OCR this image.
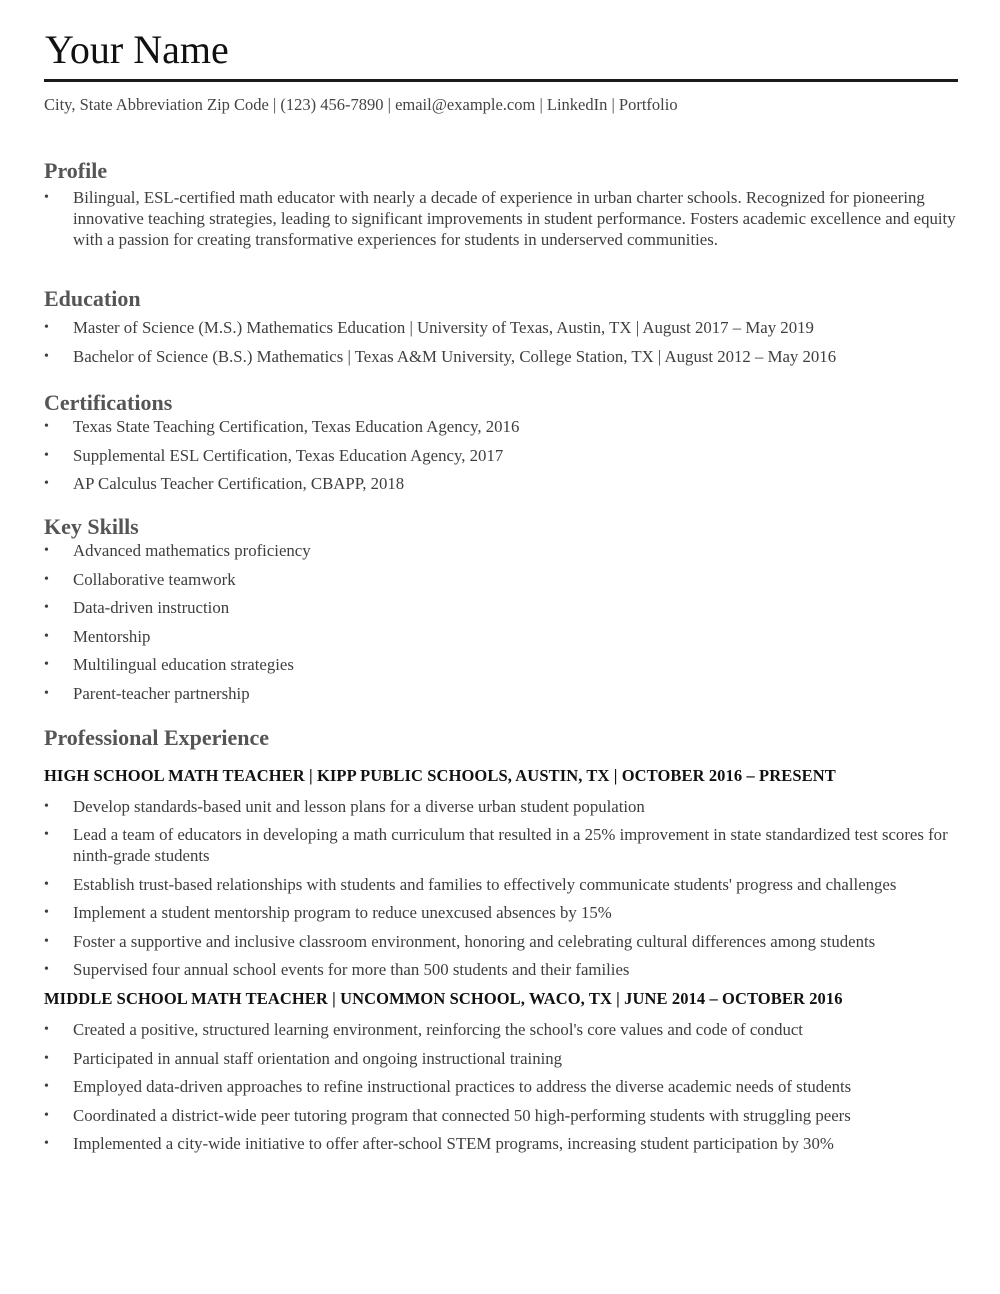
Your Name
City, State Abbreviation Zip Code | (123) 456-7890 | email@example.com | LinkedIn | Portfolio
Profile
•	Bilingual, ESL-certified math educator with nearly a decade of experience in urban charter schools. Recognized for pioneering innovative teaching strategies, leading to significant improvements in student performance. Fosters academic excellence and equity with a passion for creating transformative experiences for students in underserved communities.
Education
•	Master of Science (M.S.) Mathematics Education | University of Texas, Austin, TX | August 2017 – May 2019
•	Bachelor of Science (B.S.) Mathematics | Texas A&M University, College Station, TX | August 2012 – May 2016
Certifications
•	Texas State Teaching Certification, Texas Education Agency, 2016
•	Supplemental ESL Certification, Texas Education Agency, 2017
•	AP Calculus Teacher Certification, CBAPP, 2018
Key Skills
•	Advanced mathematics proficiency
•	Collaborative teamwork
•	Data-driven instruction
•	Mentorship
•	Multilingual education strategies
•	Parent-teacher partnership
Professional Experience
HIGH SCHOOL MATH TEACHER | KIPP PUBLIC SCHOOLS, AUSTIN, TX | OCTOBER 2016 – PRESENT
•	Develop standards-based unit and lesson plans for a diverse urban student population
•	Lead a team of educators in developing a math curriculum that resulted in a 25% improvement in state standardized test scores for ninth-grade students
•	Establish trust-based relationships with students and families to effectively communicate students' progress and challenges
•	Implement a student mentorship program to reduce unexcused absences by 15%
•	Foster a supportive and inclusive classroom environment, honoring and celebrating cultural differences among students
•	Supervised four annual school events for more than 500 students and their families
MIDDLE SCHOOL MATH TEACHER | UNCOMMON SCHOOL, WACO, TX | JUNE 2014 – OCTOBER 2016
•	Created a positive, structured learning environment, reinforcing the school's core values and code of conduct
•	Participated in annual staff orientation and ongoing instructional training
•	Employed data-driven approaches to refine instructional practices to address the diverse academic needs of students
•	Coordinated a district-wide peer tutoring program that connected 50 high-performing students with struggling peers
•	Implemented a city-wide initiative to offer after-school STEM programs, increasing student participation by 30%
